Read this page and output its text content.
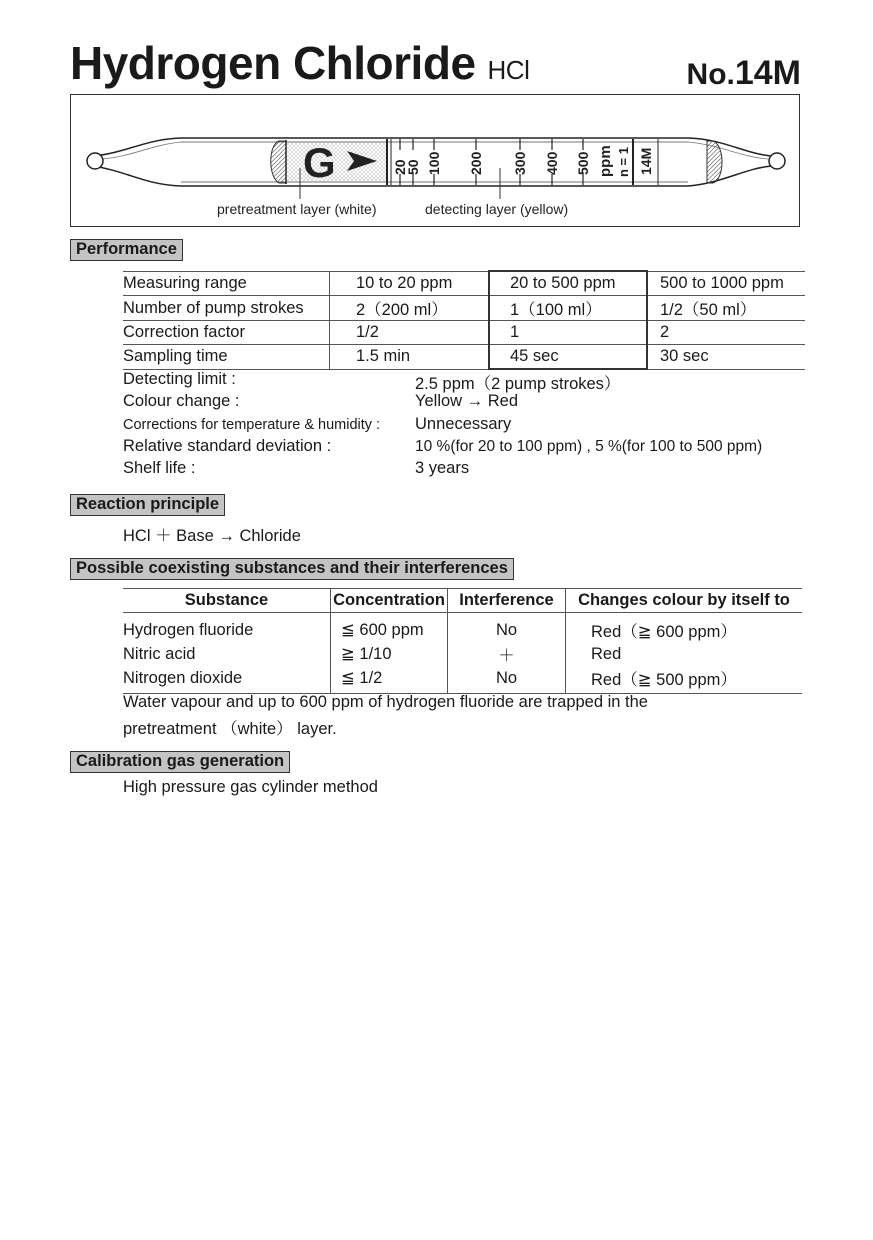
Hydrogen Chloride HCl	No.14M
G	20
50 100 200 300 400 500 ppm n = 1 14M
pretreatment layer (white)	detecting layer (yellow)
Performance
Measuring range	10 to 20 ppm	20 to 500 ppm	500 to 1000 ppm
Number of pump strokes	2（200 ml）	1（100 ml）	1/2（50 ml）
Correction factor	1/2	1	2
Sampling time	1.5 min	45 sec	30 sec
Detecting limit :	2.5 ppm（2 pump strokes）
Colour change :	Yellow → Red
Corrections for temperature & humidity : Unnecessary
Relative standard deviation :	10 %(for 20 to 100 ppm) , 5 %(for 100 to 500 ppm)
Shelf life :	3 years
Reaction principle
HCl ＋ Base → Chloride
Possible coexisting substances and their interferences
Substance	Concentration	Interference	Changes colour by itself to
Hydrogen fluoride	≦ 600 ppm	No	Red（≧ 600 ppm）
Nitric acid	≧ 1/10	＋	Red
Nitrogen dioxide	≦ 1/2	No	Red（≧ 500 ppm）
Water vapour and up to 600 ppm of hydrogen fluoride are trapped in the
pretreatment （white） layer.
Calibration gas generation
High pressure gas cylinder method
